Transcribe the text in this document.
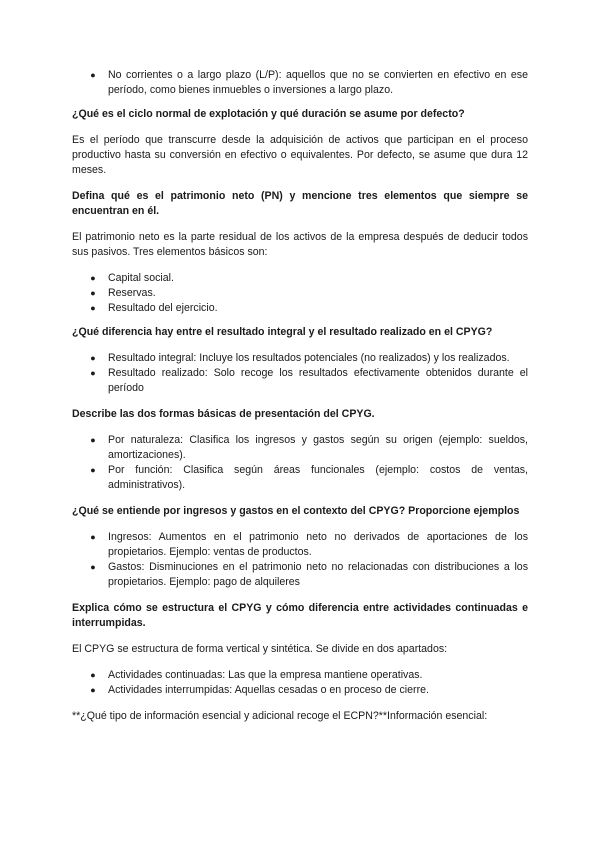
● No corrientes o a largo plazo (L/P): aquellos que no se convierten en efectivo en ese período, como bienes inmuebles o inversiones a largo plazo.
¿Qué es el ciclo normal de explotación y qué duración se asume por defecto?

Es el período que transcurre desde la adquisición de activos que participan en el proceso productivo hasta su conversión en efectivo o equivalentes. Por defecto, se asume que dura 12 meses.

Defina qué es el patrimonio neto (PN) y mencione tres elementos que siempre se encuentran en él.

El patrimonio neto es la parte residual de los activos de la empresa después de deducir todos sus pasivos. Tres elementos básicos son:

● Capital social.
● Reservas.
● Resultado del ejercicio.
¿Qué diferencia hay entre el resultado integral y el resultado realizado en el CPYG?
● Resultado integral: Incluye los resultados potenciales (no realizados) y los realizados.
● Resultado realizado: Solo recoge los resultados efectivamente obtenidos durante el período
Describe las dos formas básicas de presentación del CPYG.
● Por naturaleza: Clasifica los ingresos y gastos según su origen (ejemplo: sueldos, amortizaciones).
● Por función: Clasifica según áreas funcionales (ejemplo: costos de ventas, administrativos).
¿Qué se entiende por ingresos y gastos en el contexto del CPYG? Proporcione ejemplos
● Ingresos: Aumentos en el patrimonio neto no derivados de aportaciones de los propietarios. Ejemplo: ventas de productos.
● Gastos: Disminuciones en el patrimonio neto no relacionadas con distribuciones a los propietarios. Ejemplo: pago de alquileres
Explica cómo se estructura el CPYG y cómo diferencia entre actividades continuadas e interrumpidas.

El CPYG se estructura de forma vertical y sintética. Se divide en dos apartados:

● Actividades continuadas: Las que la empresa mantiene operativas.
● Actividades interrumpidas: Aquellas cesadas o en proceso de cierre.

**¿Qué tipo de información esencial y adicional recoge el ECPN?**Información esencial:
